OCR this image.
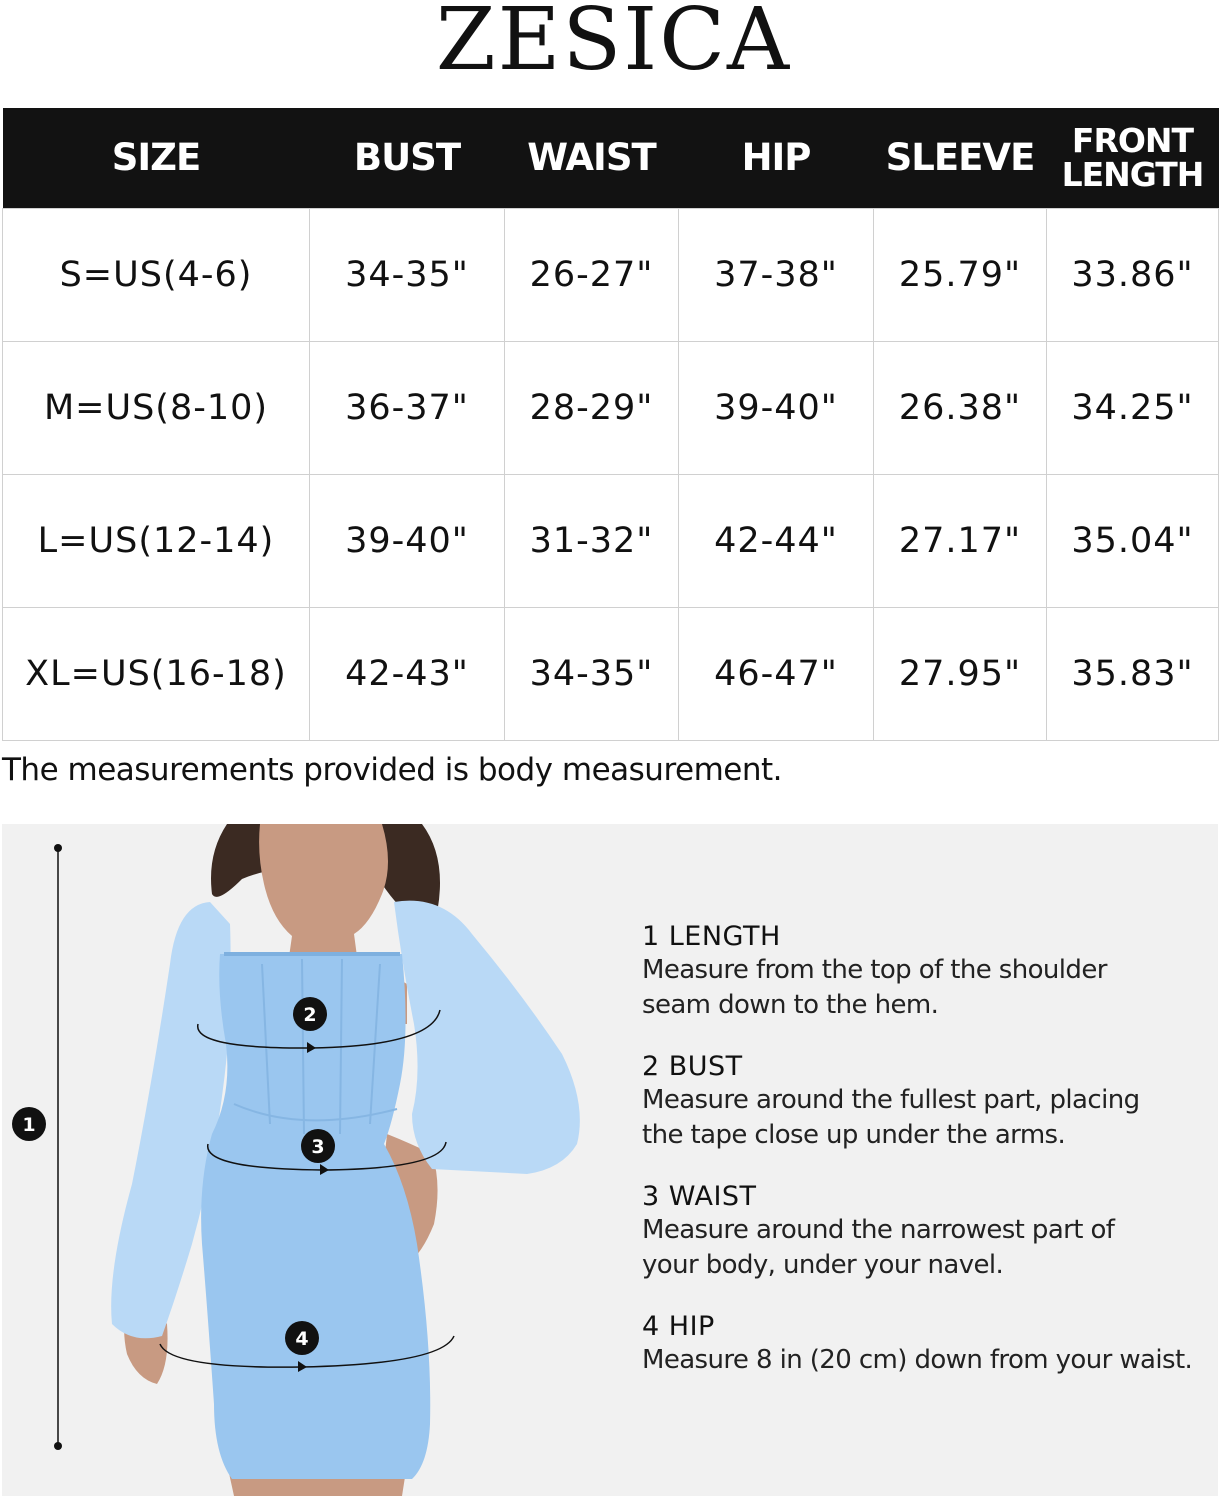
ZESICA
SIZE	BUST	WAIST	HIP	SLEEVE	FRONT
LENGTH
S=US(4-6)	34-35"	26-27"	37-38"	25.79"	33.86"
M=US(8-10)	36-37"	28-29"	39-40"	26.38"	34.25"
L=US(12-14)	39-40"	31-32"	42-44"	27.17"	35.04"
XL=US(16-18)	42-43"	34-35"	46-47"	27.95"	35.83"
The measurements provided is body measurement.
1
2
3
4
1 LENGTH
Measure from the top of the shoulder
seam down to the hem.
2 BUST
Measure around the fullest part, placing
the tape close up under the arms.
3 WAIST
Measure around the narrowest part of
your body, under your navel.
4 HIP
Measure 8 in (20 cm) down from your waist.
